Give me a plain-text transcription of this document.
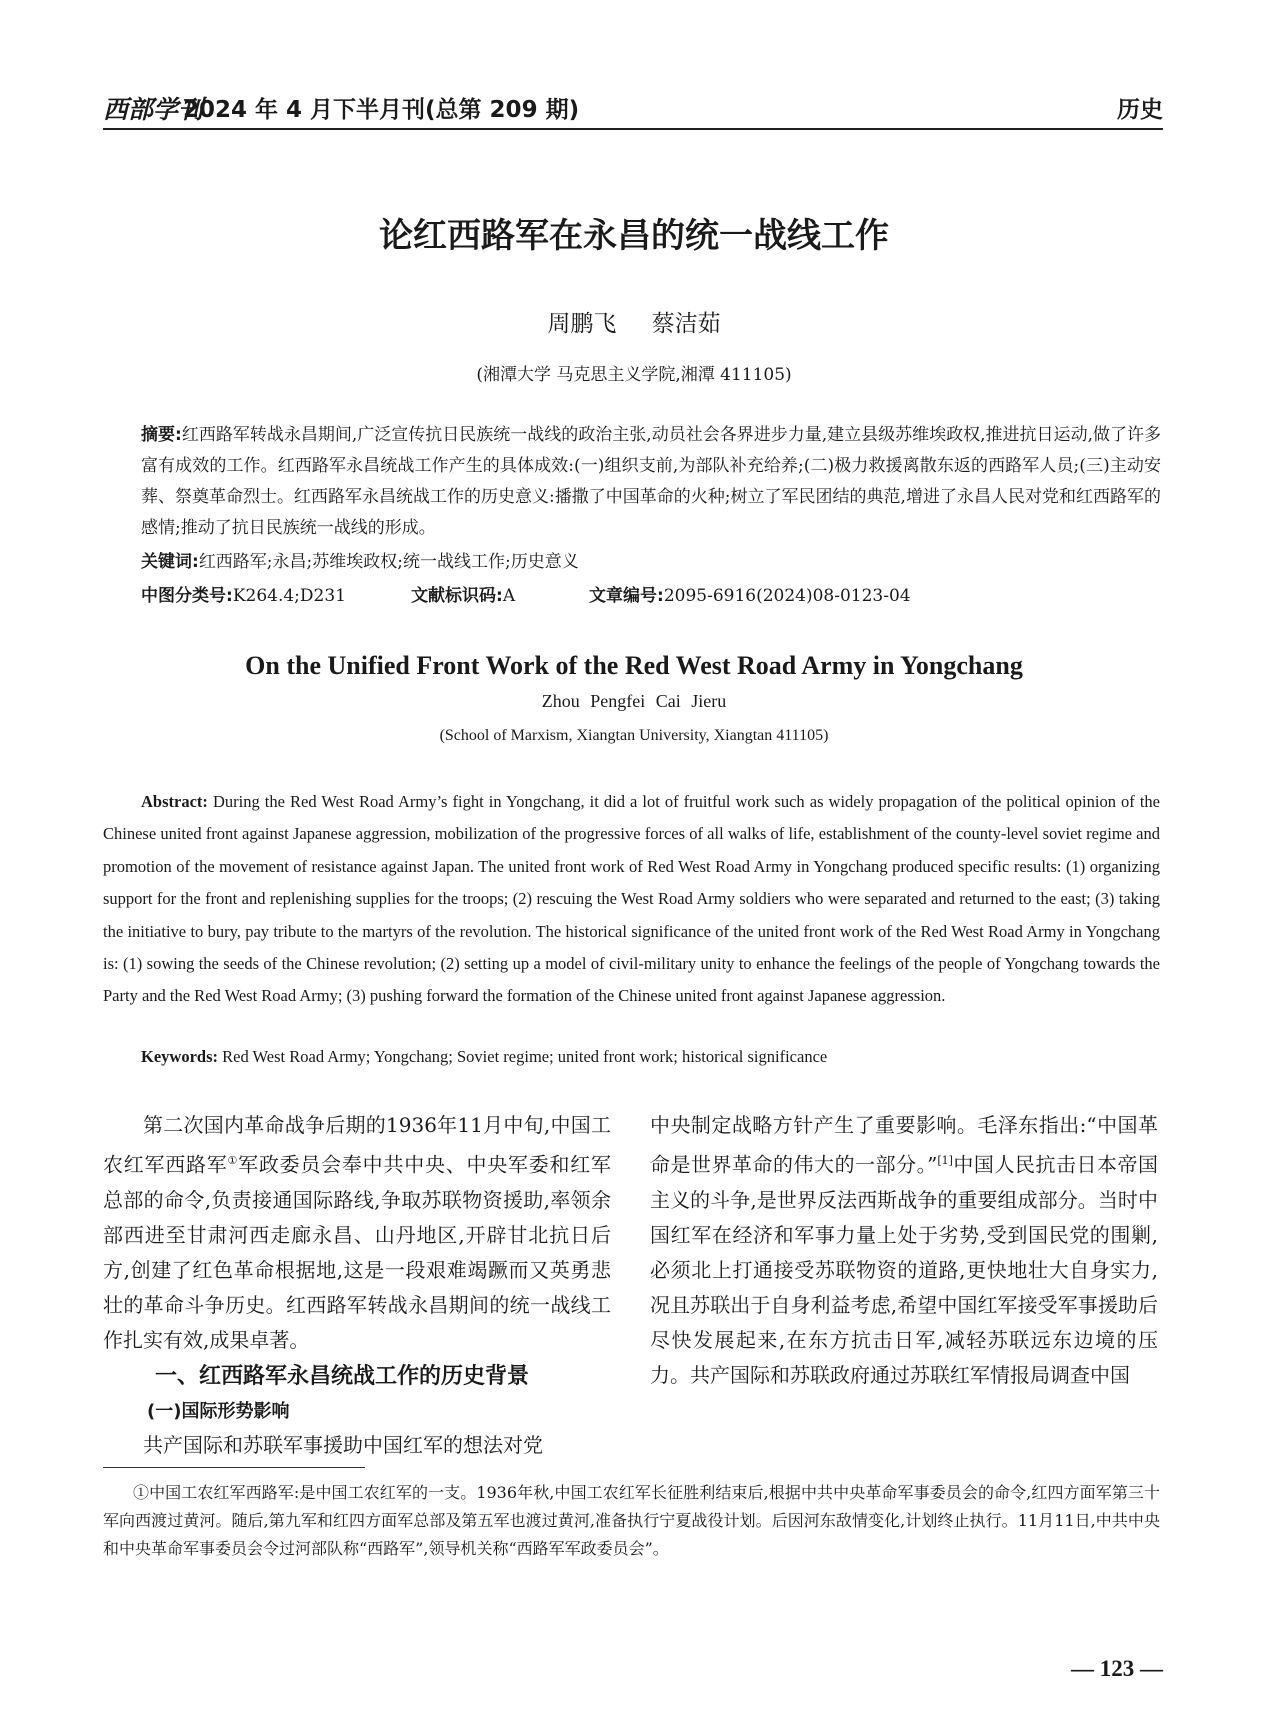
西部学刊
2024 年 4 月下半月刊(总第 209 期)	历史
论红西路军在永昌的统一战线工作
周鹏飞 蔡洁茹
(湘潭大学 马克思主义学院,湘潭 411105)
摘要:红西路军转战永昌期间,广泛宣传抗日民族统一战线的政治主张,动员社会各界进步力量,建立县级苏维埃政权,推进抗日运动,做了许多富有成效的工作。红西路军永昌统战工作产生的具体成效:(一)组织支前,为部队补充给养;(二)极力救援离散东返的西路军人员;(三)主动安葬、祭奠革命烈士。红西路军永昌统战工作的历史意义:播撒了中国革命的火种;树立了军民团结的典范,增进了永昌人民对党和红西路军的感情;推动了抗日民族统一战线的形成。
关键词:红西路军;永昌;苏维埃政权;统一战线工作;历史意义
中图分类号:K264.4;D231	文献标识码:A	文章编号:2095-6916(2024)08-0123-04
On the Unified Front Work of the Red West Road Army in Yongchang
Zhou Pengfei Cai Jieru
(School of Marxism, Xiangtan University, Xiangtan 411105)
Abstract: During the Red West Road Army’s fight in Yongchang, it did a lot of fruitful work such as widely propagation of the political opinion of the Chinese united front against Japanese aggression, mobilization of the progressive forces of all walks of life, establishment of the county-level soviet regime and promotion of the movement of resistance against Japan. The united front work of Red West Road Army in Yongchang produced specific results: (1) organizing support for the front and replenishing supplies for the troops; (2) rescuing the West Road Army soldiers who were separated and returned to the east; (3) taking the initiative to bury, pay tribute to the martyrs of the revolution. The historical significance of the united front work of the Red West Road Army in Yongchang is: (1) sowing the seeds of the Chinese revolution; (2) setting up a model of civil-military unity to enhance the feelings of the people of Yongchang towards the Party and the Red West Road Army; (3) pushing forward the formation of the Chinese united front against Japanese aggression.
Keywords: Red West Road Army; Yongchang; Soviet regime; united front work; historical significance

第二次国内革命战争后期的1936年11月中旬,中国工农红军西路军①军政委员会奉中共中央、中央军委和红军总部的命令,负责接通国际路线,争取苏联物资援助,率领余部西进至甘肃河西走廊永昌、山丹地区,开辟甘北抗日后方,创建了红色革命根据地,这是一段艰难竭蹶而又英勇悲壮的革命斗争历史。红西路军转战永昌期间的统一战线工作扎实有效,成果卓著。

一、红西路军永昌统战工作的历史背景

(一)国际形势影响

共产国际和苏联军事援助中国红军的想法对党

中央制定战略方针产生了重要影响。毛泽东指出:“中国革命是世界革命的伟大的一部分。”[1]中国人民抗击日本帝国主义的斗争,是世界反法西斯战争的重要组成部分。当时中国红军在经济和军事力量上处于劣势,受到国民党的围剿,必须北上打通接受苏联物资的道路,更快地壮大自身实力,况且苏联出于自身利益考虑,希望中国红军接受军事援助后尽快发展起来,在东方抗击日军,减轻苏联远东边境的压力。共产国际和苏联政府通过苏联红军情报局调查中国

①中国工农红军西路军:是中国工农红军的一支。1936年秋,中国工农红军长征胜利结束后,根据中共中央革命军事委员会的命令,红四方面军第三十军向西渡过黄河。随后,第九军和红四方面军总部及第五军也渡过黄河,准备执行宁夏战役计划。后因河东敌情变化,计划终止执行。11月11日,中共中央和中央革命军事委员会令过河部队称“西路军”,领导机关称“西路军军政委员会”。
— 123 —
